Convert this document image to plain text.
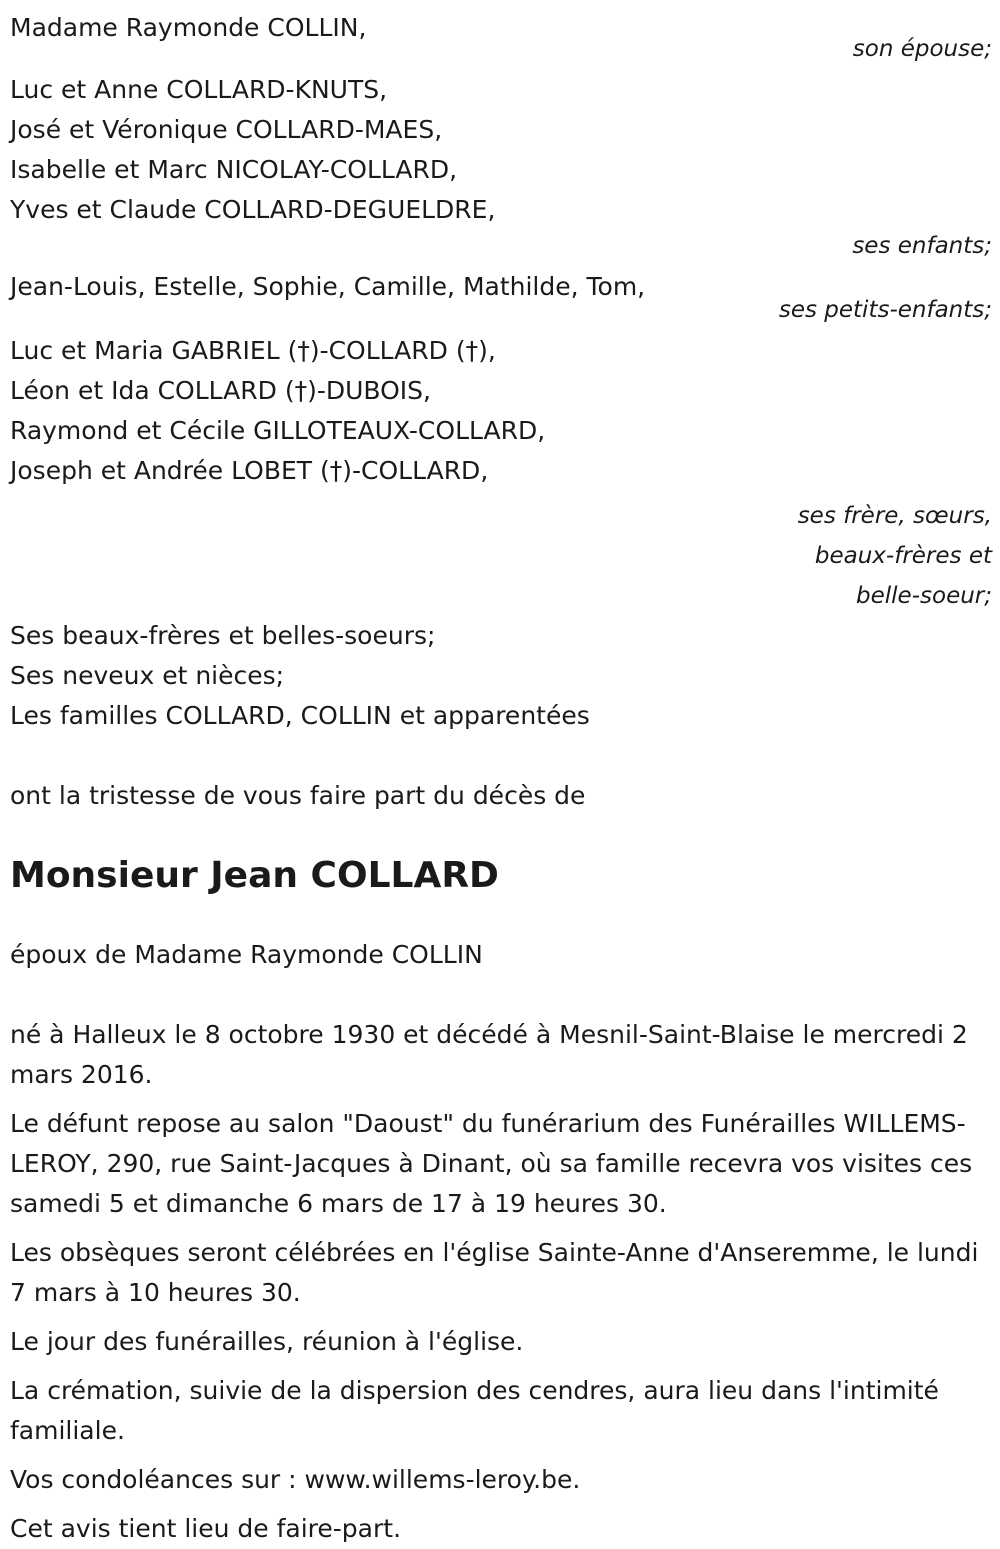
Madame Raymonde COLLIN,

son épouse;

Luc et Anne COLLARD-KNUTS,

José et Véronique COLLARD-MAES,

Isabelle et Marc NICOLAY-COLLARD,

Yves et Claude COLLARD-DEGUELDRE,

ses enfants;

Jean-Louis, Estelle, Sophie, Camille, Mathilde, Tom,

ses petits-enfants;

Luc et Maria GABRIEL (†)-COLLARD (†),

Léon et Ida COLLARD (†)-DUBOIS,

Raymond et Cécile GILLOTEAUX-COLLARD,

Joseph et Andrée LOBET (†)-COLLARD,

ses frère, sœurs,

beaux-frères et

belle-soeur;

Ses beaux-frères et belles-soeurs;

Ses neveux et nièces;

Les familles COLLARD, COLLIN et apparentées

ont la tristesse de vous faire part du décès de

Monsieur Jean COLLARD

époux de Madame Raymonde COLLIN

né à Halleux le 8 octobre 1930 et décédé à Mesnil-Saint-Blaise le mercredi 2 mars 2016.

Le défunt repose au salon "Daoust" du funérarium des Funérailles WILLEMS-LEROY, 290, rue Saint-Jacques à Dinant, où sa famille recevra vos visites ces samedi 5 et dimanche 6 mars de 17 à 19 heures 30.

Les obsèques seront célébrées en l'église Sainte-Anne d'Anseremme, le lundi 7 mars à 10 heures 30.

Le jour des funérailles, réunion à l'église.

La crémation, suivie de la dispersion des cendres, aura lieu dans l'intimité familiale.

Vos condoléances sur : www.willems-leroy.be.

Cet avis tient lieu de faire-part.
